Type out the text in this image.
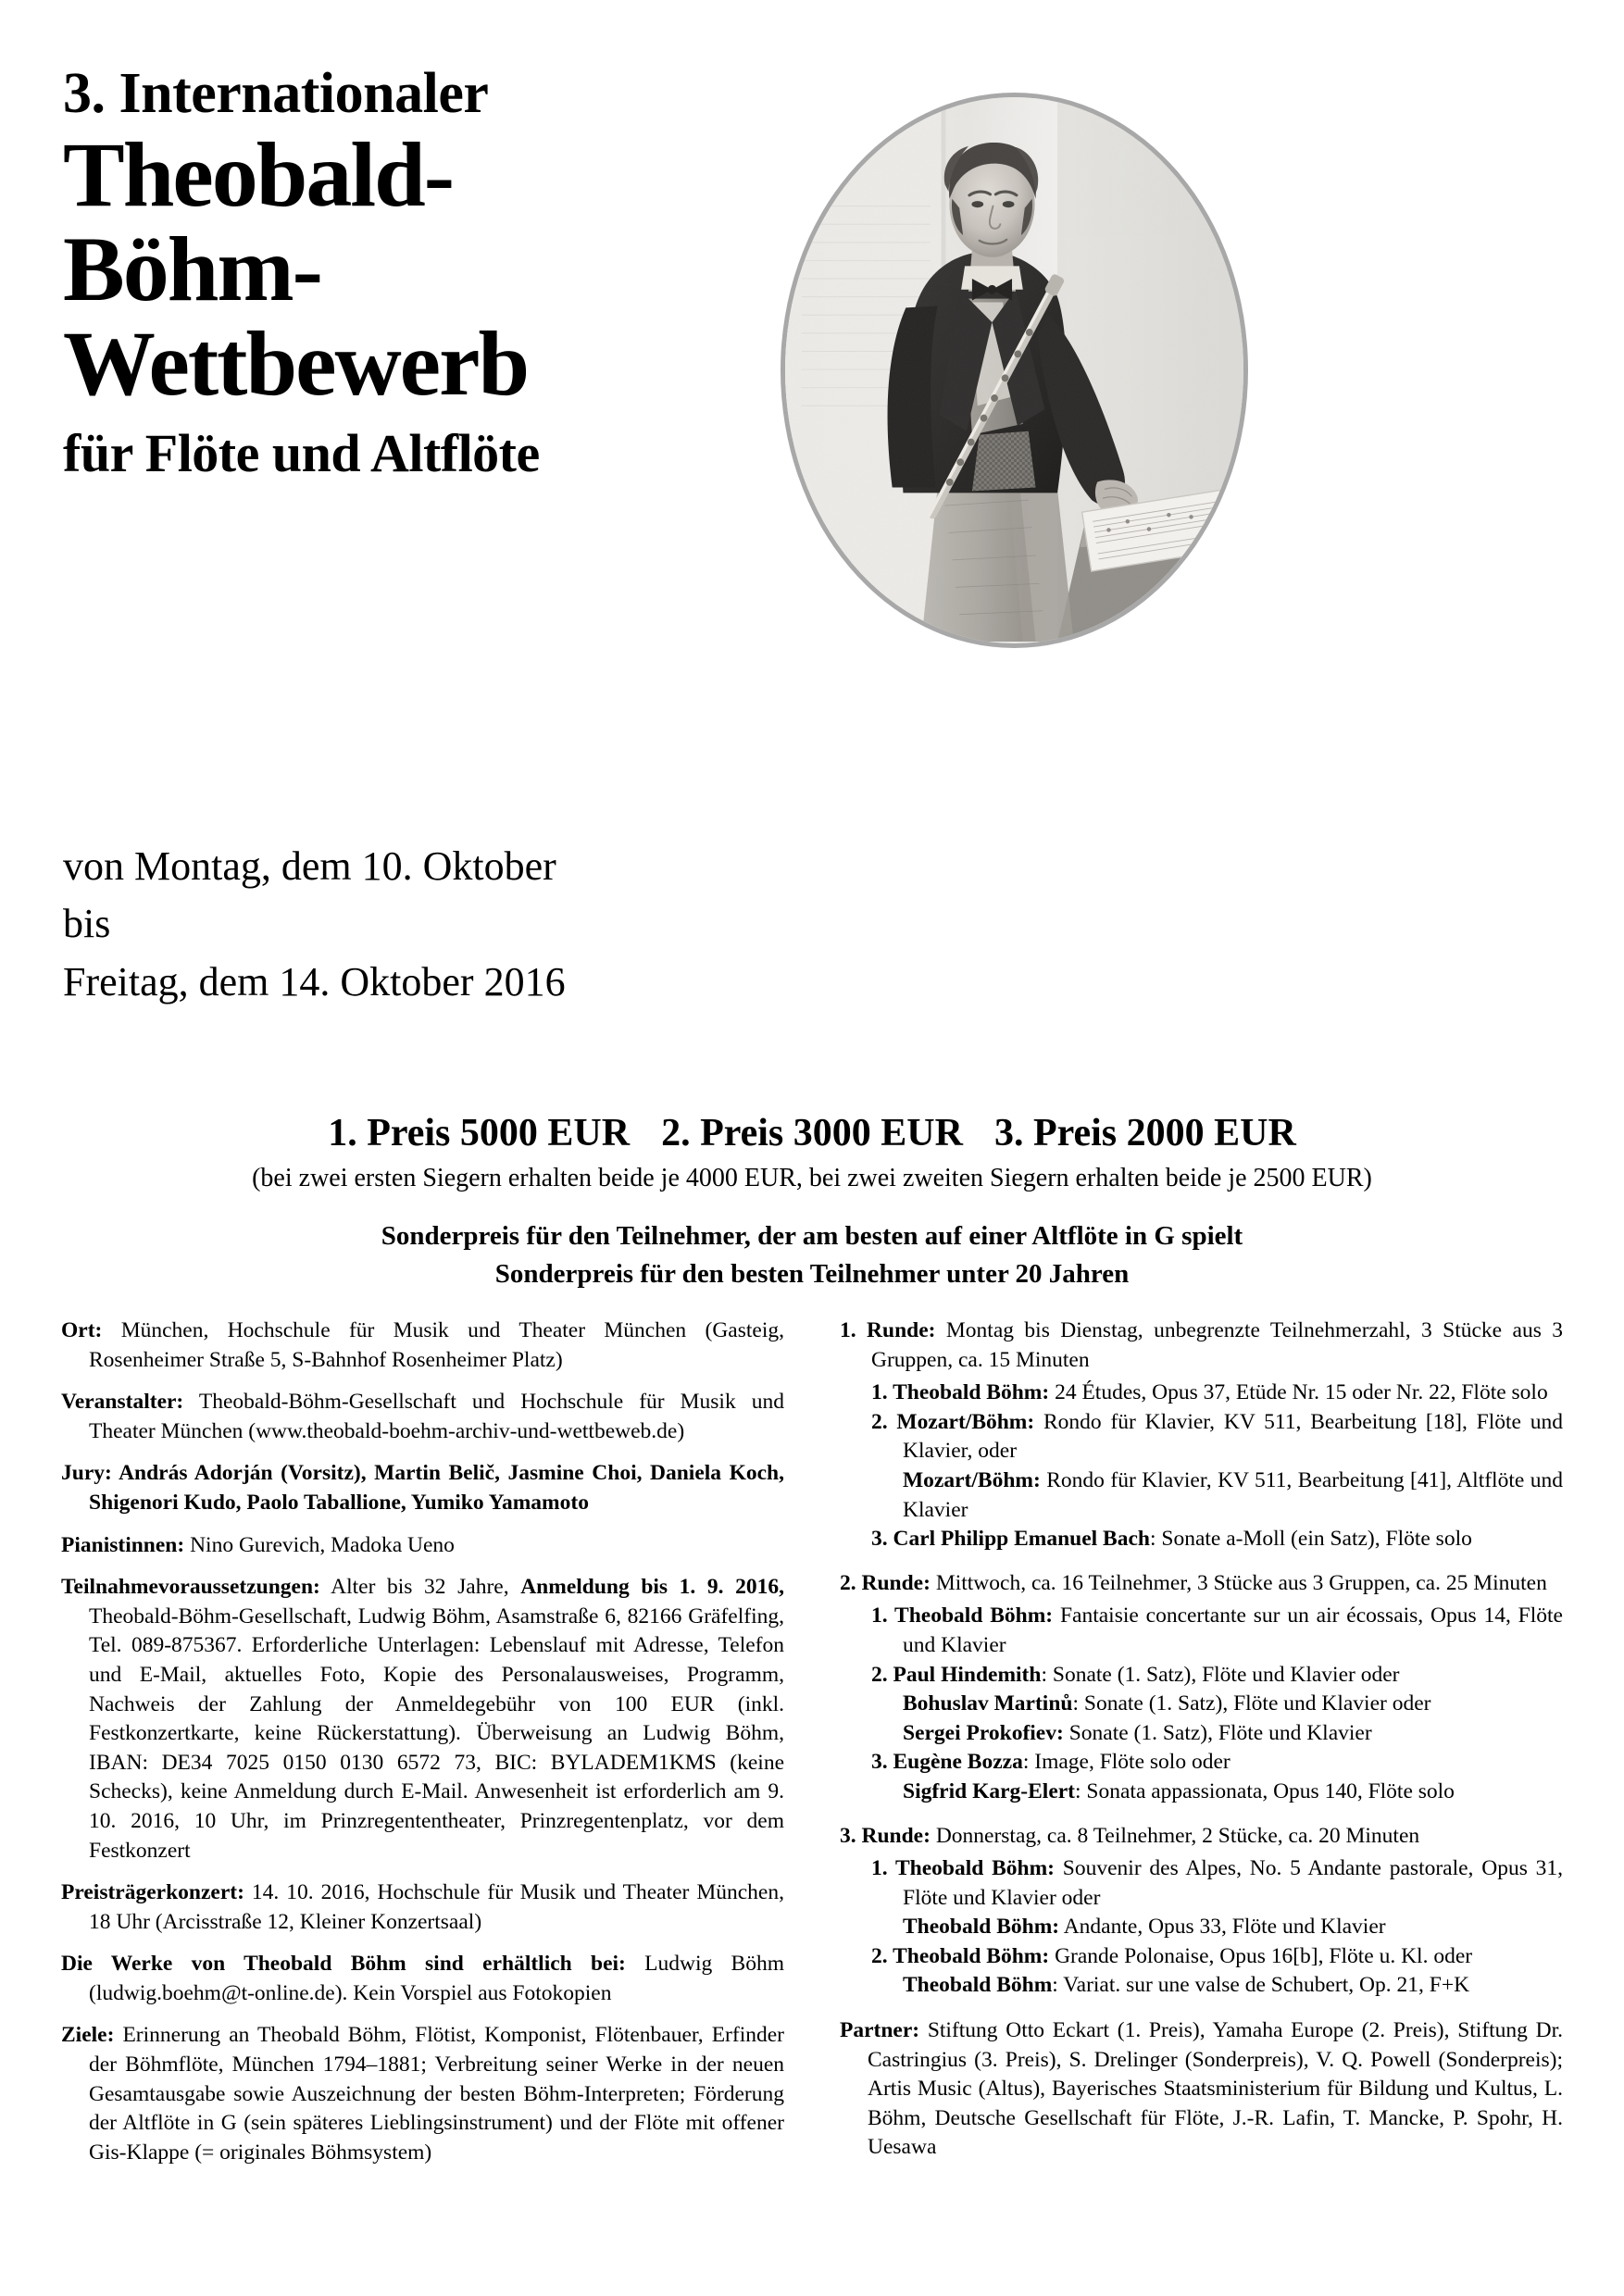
3. Internationaler
Theobald-
Böhm-
Wettbewerb
für Flöte und Altflöte
von Montag, dem 10. Oktober
bis
Freitag, dem 14. Oktober 2016
1. Preis 5000 EUR 2. Preis 3000 EUR 3. Preis 2000 EUR
(bei zwei ersten Siegern erhalten beide je 4000 EUR, bei zwei zweiten Siegern erhalten beide je 2500 EUR)
Sonderpreis für den Teilnehmer, der am besten auf einer Altflöte in G spielt
Sonderpreis für den besten Teilnehmer unter 20 Jahren

Ort: München, Hochschule für Musik und Theater München (Gasteig, Rosenheimer Straße 5, S-Bahnhof Rosenheimer Platz)

Veranstalter: Theobald-Böhm-Gesellschaft und Hochschule für Musik und Theater München (www.theobald-boehm-archiv-und-wettbeweb.de)

Jury: András Adorján (Vorsitz), Martin Belič, Jasmine Choi, Daniela Koch, Shigenori Kudo, Paolo Taballione, Yumiko Yamamoto

Pianistinnen: Nino Gurevich, Madoka Ueno

Teilnahmevoraussetzungen: Alter bis 32 Jahre, Anmeldung bis 1. 9. 2016, Theobald-Böhm-Gesellschaft, Ludwig Böhm, Asamstraße 6, 82166 Gräfelfing, Tel. 089-875367. Erforderliche Unterlagen: Lebenslauf mit Adresse, Telefon und E-Mail, aktuelles Foto, Kopie des Personalausweises, Programm, Nachweis der Zahlung der Anmeldegebühr von 100 EUR (inkl. Festkonzertkarte, keine Rückerstattung). Überweisung an Ludwig Böhm, IBAN: DE34 7025 0150 0130 6572 73, BIC: BYLADEM1KMS (keine Schecks), keine Anmeldung durch E-Mail. Anwesenheit ist erforderlich am 9. 10. 2016, 10 Uhr, im Prinzregententheater, Prinzregentenplatz, vor dem Festkonzert

Preisträgerkonzert: 14. 10. 2016, Hochschule für Musik und Theater München, 18 Uhr (Arcisstraße 12, Kleiner Konzertsaal)

Die Werke von Theobald Böhm sind erhältlich bei: Ludwig Böhm (ludwig.boehm@t-online.de). Kein Vorspiel aus Fotokopien

Ziele: Erinnerung an Theobald Böhm, Flötist, Komponist, Flötenbauer, Erfinder der Böhmflöte, München 1794–1881; Verbreitung seiner Werke in der neuen Gesamtausgabe sowie Auszeichnung der besten Böhm-Interpreten; Förderung der Altflöte in G (sein späteres Lieblingsinstrument) und der Flöte mit offener Gis-Klappe (= originales Böhmsystem)

1. Runde: Montag bis Dienstag, unbegrenzte Teilnehmerzahl, 3 Stücke aus 3 Gruppen, ca. 15 Minuten

1. Theobald Böhm: 24 Études, Opus 37, Etüde Nr. 15 oder Nr. 22, Flöte solo

2. Mozart/Böhm: Rondo für Klavier, KV 511, Bearbeitung [18], Flöte und Klavier, oder

Mozart/Böhm: Rondo für Klavier, KV 511, Bearbeitung [41], Altflöte und Klavier

3. Carl Philipp Emanuel Bach: Sonate a-Moll (ein Satz), Flöte solo

2. Runde: Mittwoch, ca. 16 Teilnehmer, 3 Stücke aus 3 Gruppen, ca. 25 Minuten

1. Theobald Böhm: Fantaisie concertante sur un air écossais, Opus 14, Flöte und Klavier

2. Paul Hindemith: Sonate (1. Satz), Flöte und Klavier oder

Bohuslav Martinů: Sonate (1. Satz), Flöte und Klavier oder

Sergei Prokofiev: Sonate (1. Satz), Flöte und Klavier

3. Eugène Bozza: Image, Flöte solo oder

Sigfrid Karg-Elert: Sonata appassionata, Opus 140, Flöte solo

3. Runde: Donnerstag, ca. 8 Teilnehmer, 2 Stücke, ca. 20 Minuten

1. Theobald Böhm: Souvenir des Alpes, No. 5 Andante pastorale, Opus 31, Flöte und Klavier oder

Theobald Böhm: Andante, Opus 33, Flöte und Klavier

2. Theobald Böhm: Grande Polonaise, Opus 16[b], Flöte u. Kl. oder

Theobald Böhm: Variat. sur une valse de Schubert, Op. 21, F+K

Partner: Stiftung Otto Eckart (1. Preis), Yamaha Europe (2. Preis), Stiftung Dr. Castringius (3. Preis), S. Drelinger (Sonderpreis), V. Q. Powell (Sonderpreis); Artis Music (Altus), Bayerisches Staatsministerium für Bildung und Kultus, L. Böhm, Deutsche Gesellschaft für Flöte, J.-R. Lafin, T. Mancke, P. Spohr, H. Uesawa
